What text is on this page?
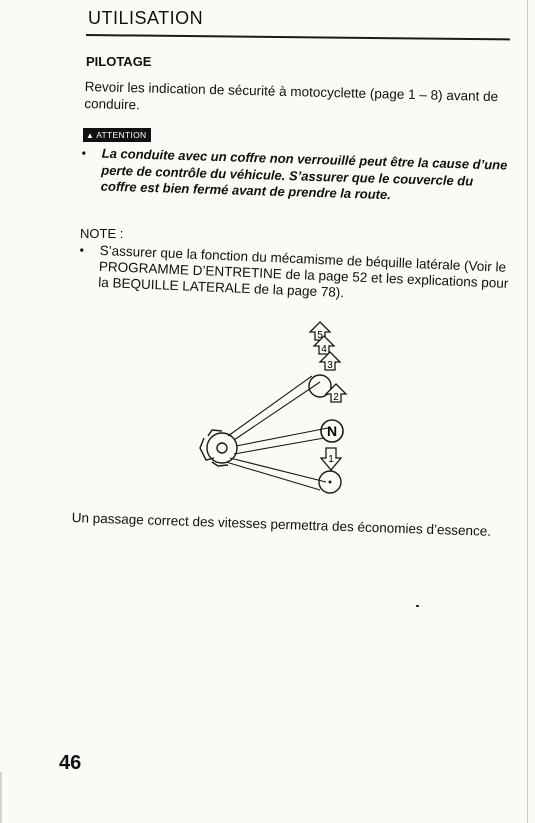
UTILISATION
PILOTAGE
Revoir les indication de sécurité à motocyclette (page 1 – 8) avant de conduire.
▲ ATTENTION
• La conduite avec un coffre non verrouillé peut être la cause d’une perte de contrôle du véhicule. S’assurer que le couvercle du coffre est bien fermé avant de prendre la route.
NOTE :
• S’assurer que la fonction du mécamisme de béquille latérale (Voir le PROGRAMME D’ENTRETINE de la page 52 et les explications pour la BEQUILLE LATERALE de la page 78).
5
4
3
2
N
1
Un passage correct des vitesses permettra des économies d’essence.
46
